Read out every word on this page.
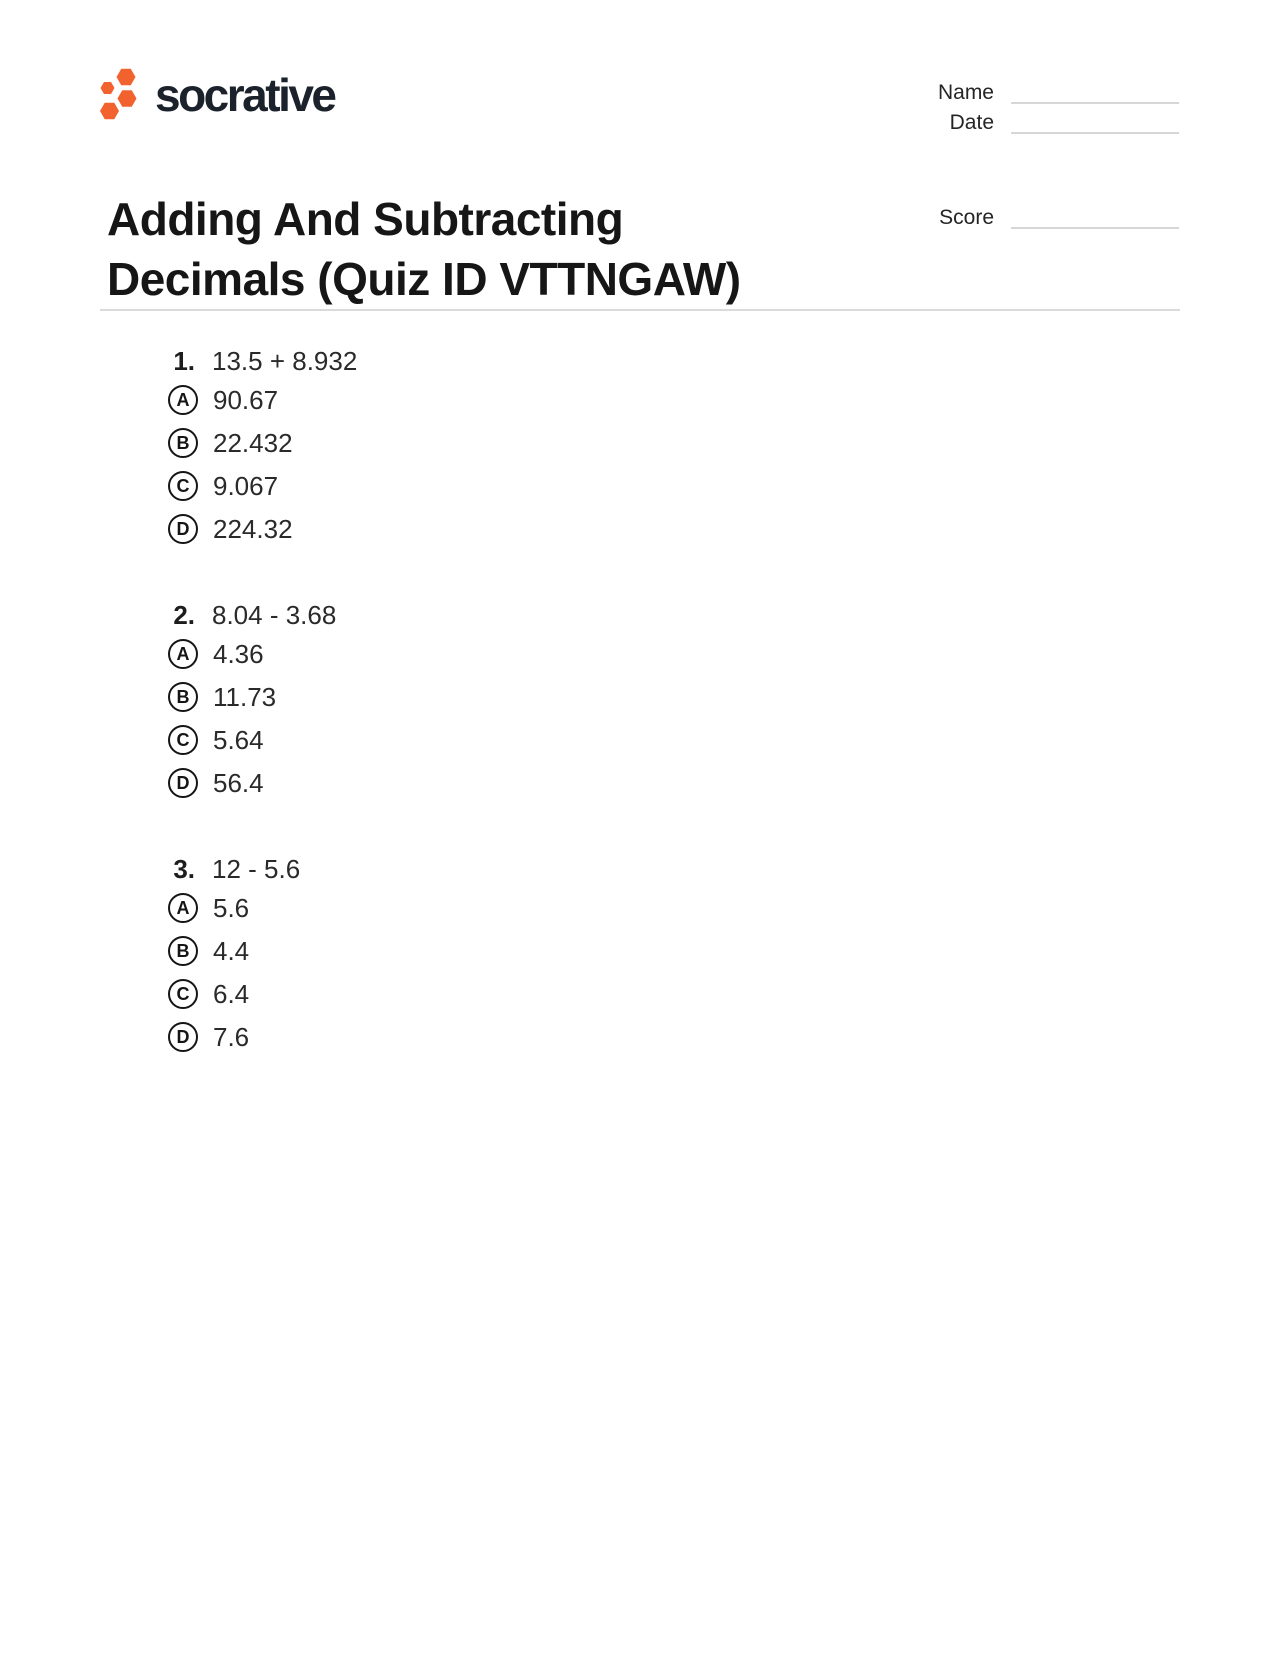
socrative	Name
Date
Score
Adding And Subtracting Decimals (Quiz ID VTTNGAW)
1. 13.5 + 8.932
A 90.67
B 22.432
C 9.067
D 224.32
2. 8.04 - 3.68
A 4.36
B 11.73
C 5.64
D 56.4
3. 12 - 5.6
A 5.6
B 4.4
C 6.4
D 7.6
